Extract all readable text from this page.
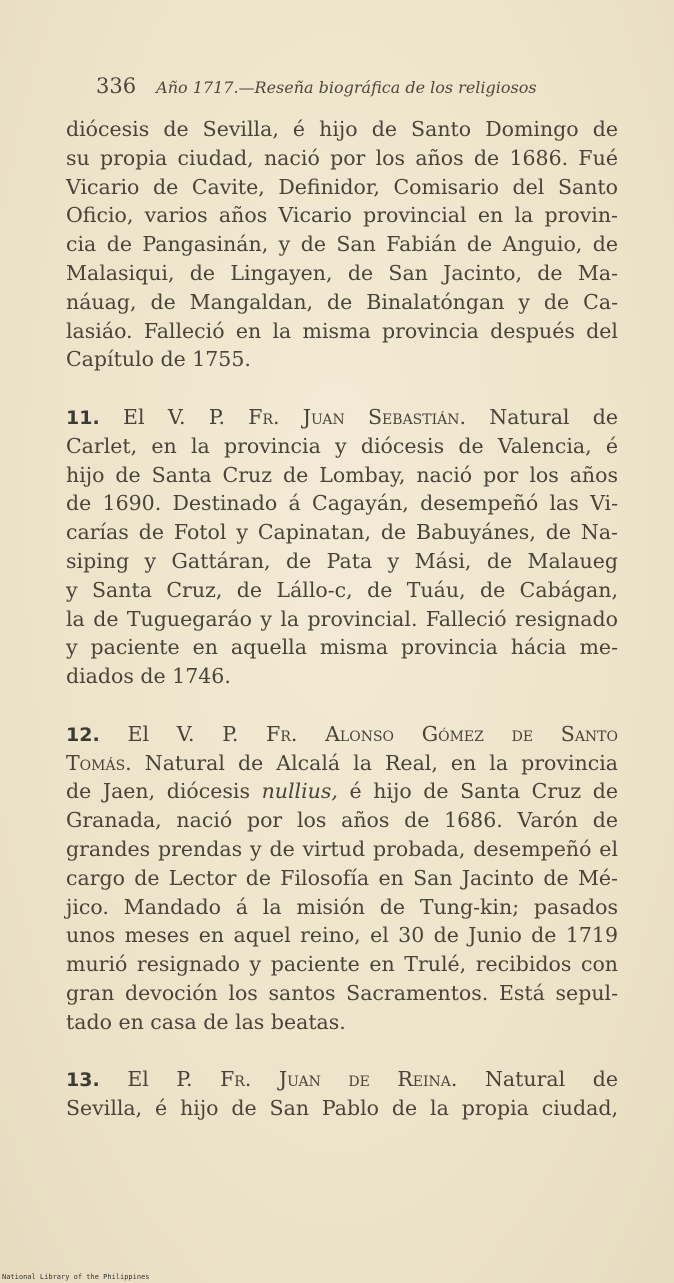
336 Año 1717.—Reseña biográfica de los religiosos
diócesis de Sevilla, é hijo de Santo Domingo de
su propia ciudad, nació por los años de 1686. Fué
Vicario de Cavite, Definidor, Comisario del Santo
Oficio, varios años Vicario provincial en la provin-
cia de Pangasinán, y de San Fabián de Anguio, de
Malasiqui, de Lingayen, de San Jacinto, de Ma-
náuag, de Mangaldan, de Binalatóngan y de Ca-
lasiáo. Falleció en la misma provincia después del
Capítulo de 1755.
11. El V. P. Fr. Juan Sebastián. Natural de
Carlet, en la provincia y diócesis de Valencia, é
hijo de Santa Cruz de Lombay, nació por los años
de 1690. Destinado á Cagayán, desempeñó las Vi-
carías de Fotol y Capinatan, de Babuyánes, de Na-
siping y Gattáran, de Pata y Mási, de Malaueg
y Santa Cruz, de Lállo-c, de Tuáu, de Cabágan,
la de Tuguegaráo y la provincial. Falleció resignado
y paciente en aquella misma provincia hácia me-
diados de 1746.
12. El V. P. Fr. Alonso Gómez de Santo
Tomás. Natural de Alcalá la Real, en la provincia
de Jaen, diócesis nullius, é hijo de Santa Cruz de
Granada, nació por los años de 1686. Varón de
grandes prendas y de virtud probada, desempeñó el
cargo de Lector de Filosofía en San Jacinto de Mé-
jico. Mandado á la misión de Tung-kin; pasados
unos meses en aquel reino, el 30 de Junio de 1719
murió resignado y paciente en Trulé, recibidos con
gran devoción los santos Sacramentos. Está sepul-
tado en casa de las beatas.
13. El P. Fr. Juan de Reina. Natural de
Sevilla, é hijo de San Pablo de la propia ciudad,
National Library of the Philippines
